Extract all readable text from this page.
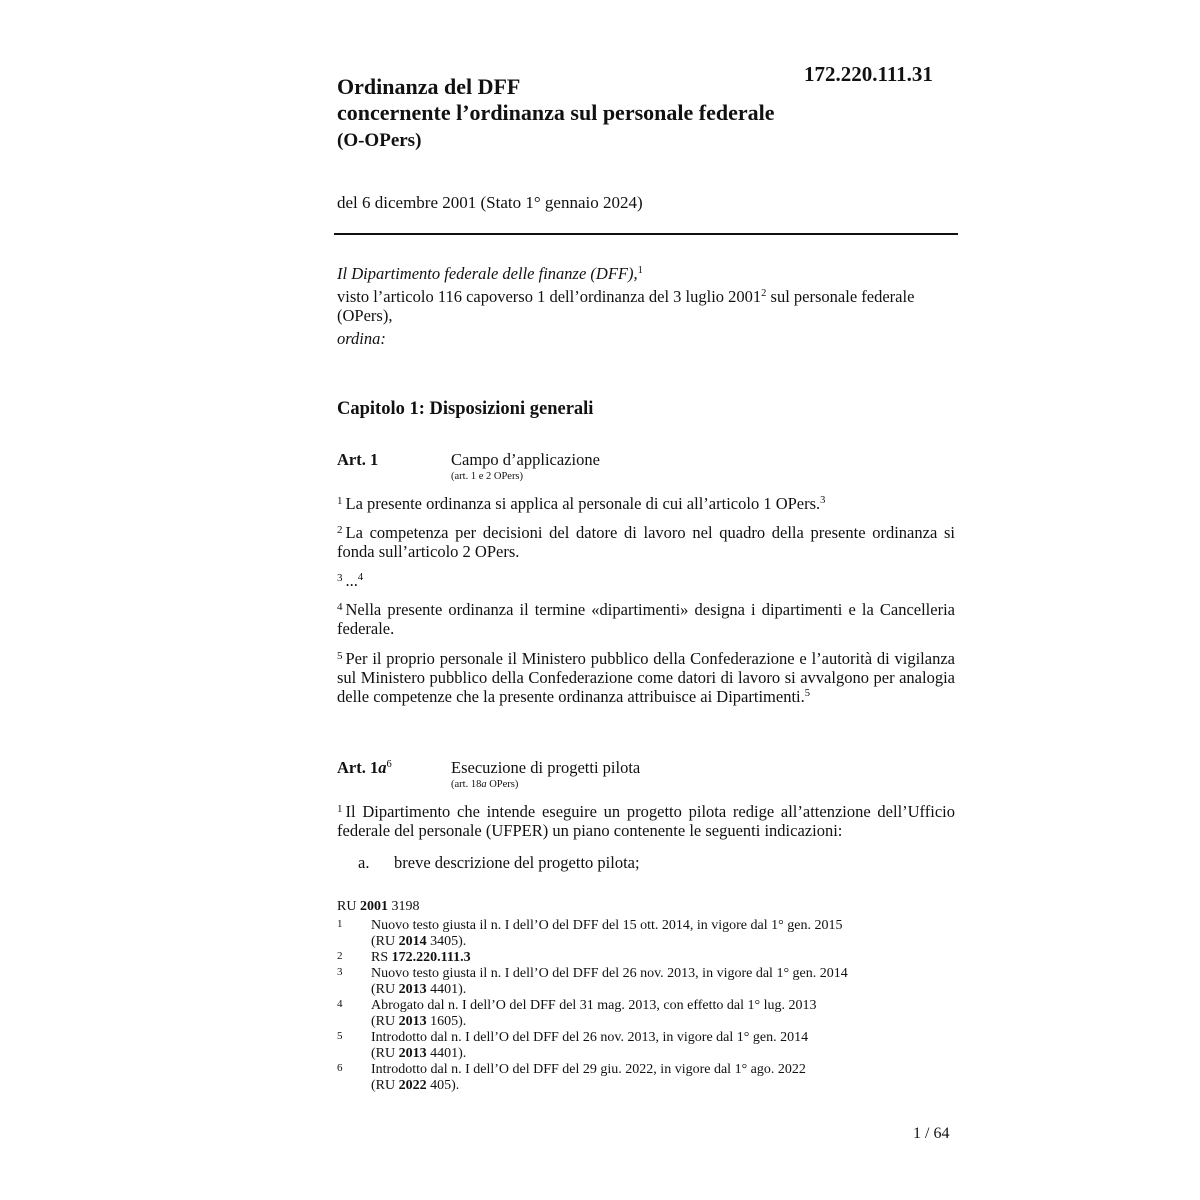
172.220.111.31
Ordinanza del DFF
concernente l’ordinanza sul personale federale
(O-OPers)
del 6 dicembre 2001 (Stato 1° gennaio 2024)

Il Dipartimento federale delle finanze (DFF),$^1$

visto l’articolo 116 capoverso 1 dell’ordinanza del 3 luglio 2001$^2$ sul personale federale (OPers),

ordina:

Capitolo 1: Disposizioni generali
Art. 1	Campo d’applicazione
(art. 1 e 2 OPers)

$^1$ La presente ordinanza si applica al personale di cui all’articolo 1 OPers.$^3$

$^2$ La competenza per decisioni del datore di lavoro nel quadro della presente ordinanza si fonda sull’articolo 2 OPers.

$^3$ ...$^4$

$^4$ Nella presente ordinanza il termine «dipartimenti» designa i dipartimenti e la Cancelleria federale.

$^5$ Per il proprio personale il Ministero pubblico della Confederazione e l’autorità di vigilanza sul Ministero pubblico della Confederazione come datori di lavoro si avvalgono per analogia delle competenze che la presente ordinanza attribuisce ai Dipartimenti.$^5$

Art. $1a^6$	Esecuzione di progetti pilota
(art. 18a OPers)

$^1$ Il Dipartimento che intende eseguire un progetto pilota redige all’attenzione dell’Ufficio federale del personale (UFPER) un piano contenente le seguenti indicazioni:

a. breve descrizione del progetto pilota;
RU 2001 3198

1 Nuovo testo giusta il n. I dell’O del DFF del 15 ott. 2014, in vigore dal 1° gen. 2015
(RU 2014 3405).

2 RS 172.220.111.3

3 Nuovo testo giusta il n. I dell’O del DFF del 26 nov. 2013, in vigore dal 1° gen. 2014
(RU 2013 4401).

4 Abrogato dal n. I dell’O del DFF del 31 mag. 2013, con effetto dal 1° lug. 2013
(RU 2013 1605).

5 Introdotto dal n. I dell’O del DFF del 26 nov. 2013, in vigore dal 1° gen. 2014
(RU 2013 4401).

6 Introdotto dal n. I dell’O del DFF del 29 giu. 2022, in vigore dal 1° ago. 2022
(RU 2022 405).

1 / 64
